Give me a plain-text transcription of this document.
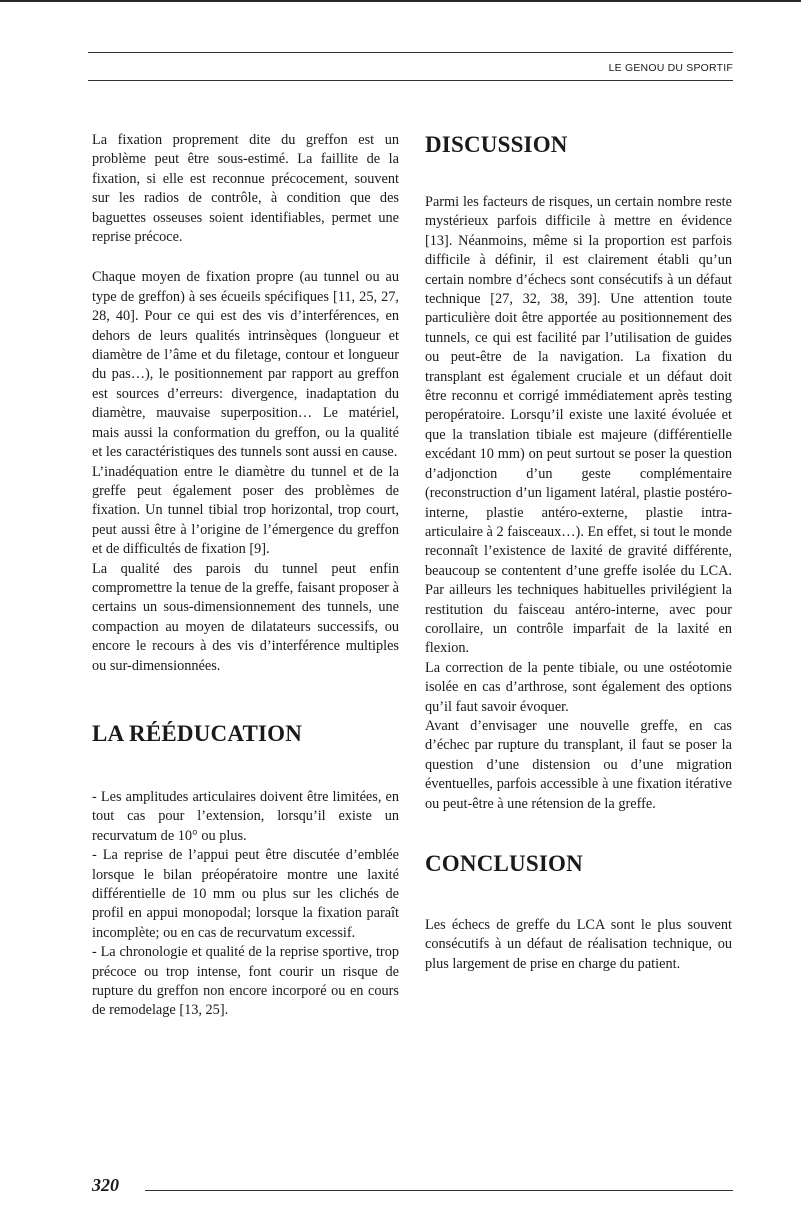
LE GENOU DU SPORTIF

La fixation proprement dite du greffon est un problème peut être sous-estimé. La faillite de la fixation, si elle est reconnue précocement, souvent sur les radios de contrôle, à condition que des baguettes osseuses soient identifiables, permet une reprise précoce.

Chaque moyen de fixation propre (au tunnel ou au type de greffon) à ses écueils spécifiques [11, 25, 27, 28, 40]. Pour ce qui est des vis d’interférences, en dehors de leurs qualités intrinsèques (longueur et diamètre de l’âme et du filetage, contour et longueur du pas…), le positionnement par rapport au greffon est sources d’erreurs: divergence, inadaptation du diamètre, mauvaise superposition… Le matériel, mais aussi la conformation du greffon, ou la qualité et les caractéristiques des tunnels sont aussi en cause.

L’inadéquation entre le diamètre du tunnel et de la greffe peut également poser des problèmes de fixation. Un tunnel tibial trop horizontal, trop court, peut aussi être à l’origine de l’émergence du greffon et de difficultés de fixation [9].

La qualité des parois du tunnel peut enfin compromettre la tenue de la greffe, faisant proposer à certains un sous-dimensionnement des tunnels, une compaction au moyen de dilatateurs successifs, ou encore le recours à des vis d’interférence multiples ou sur-dimensionnées.

LA RÉÉDUCATION

- Les amplitudes articulaires doivent être limitées, en tout cas pour l’extension, lorsqu’il existe un recurvatum de 10° ou plus.

- La reprise de l’appui peut être discutée d’emblée lorsque le bilan préopératoire montre une laxité différentielle de 10 mm ou plus sur les clichés de profil en appui monopodal; lorsque la fixation paraît incomplète; ou en cas de recurvatum excessif.

- La chronologie et qualité de la reprise sportive, trop précoce ou trop intense, font courir un risque de rupture du greffon non encore incorporé ou en cours de remodelage [13, 25].

DISCUSSION

Parmi les facteurs de risques, un certain nombre reste mystérieux parfois difficile à mettre en évidence [13]. Néanmoins, même si la proportion est parfois difficile à définir, il est clairement établi qu’un certain nombre d’échecs sont consécutifs à un défaut technique [27, 32, 38, 39]. Une attention toute particulière doit être apportée au positionnement des tunnels, ce qui est facilité par l’utilisation de guides ou peut-être de la navigation. La fixation du transplant est également cruciale et un défaut doit être reconnu et corrigé immédiatement après testing peropératoire. Lorsqu’il existe une laxité évoluée et que la translation tibiale est majeure (différentielle excédant 10 mm) on peut surtout se poser la question d’adjonction d’un geste complémentaire (reconstruction d’un ligament latéral, plastie postéro-interne, plastie antéro-externe, plastie intra-articulaire à 2 faisceaux…). En effet, si tout le monde reconnaît l’existence de laxité de gravité différente, beaucoup se contentent d’une greffe isolée du LCA. Par ailleurs les techniques habituelles privilégient la restitution du faisceau antéro-interne, avec pour corollaire, un contrôle imparfait de la laxité en flexion.

La correction de la pente tibiale, ou une ostéotomie isolée en cas d’arthrose, sont également des options qu’il faut savoir évoquer.

Avant d’envisager une nouvelle greffe, en cas d’échec par rupture du transplant, il faut se poser la question d’une distension ou d’une migration éventuelles, parfois accessible à une fixation itérative ou peut-être à une rétension de la greffe.

CONCLUSION

Les échecs de greffe du LCA sont le plus souvent consécutifs à un défaut de réalisation technique, ou plus largement de prise en charge du patient.

320
